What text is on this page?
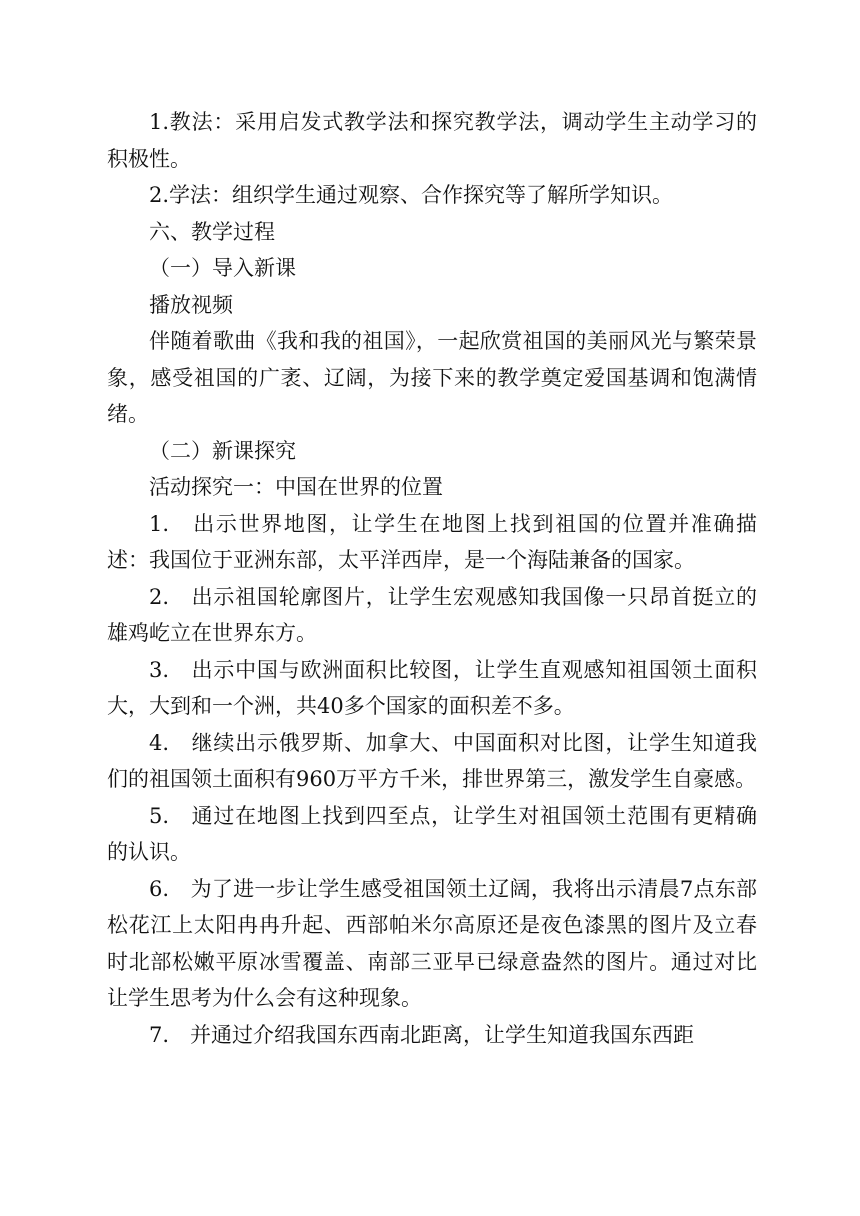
1.教法：采用启发式教学法和探究教学法，调动学生主动学习的积极性。

2.学法：组织学生通过观察、合作探究等了解所学知识。

六、教学过程

（一）导入新课

播放视频

伴随着歌曲《我和我的祖国》，一起欣赏祖国的美丽风光与繁荣景象，感受祖国的广袤、辽阔，为接下来的教学奠定爱国基调和饱满情绪。

（二）新课探究

活动探究一：中国在世界的位置

1.　出示世界地图，让学生在地图上找到祖国的位置并准确描述：我国位于亚洲东部，太平洋西岸，是一个海陆兼备的国家。

2.　出示祖国轮廓图片，让学生宏观感知我国像一只昂首挺立的雄鸡屹立在世界东方。

3.　出示中国与欧洲面积比较图，让学生直观感知祖国领土面积大，大到和一个洲，共40多个国家的面积差不多。

4.　继续出示俄罗斯、加拿大、中国面积对比图，让学生知道我们的祖国领土面积有960万平方千米，排世界第三，激发学生自豪感。

5.　通过在地图上找到四至点，让学生对祖国领土范围有更精确的认识。

6.　为了进一步让学生感受祖国领土辽阔，我将出示清晨7点东部松花江上太阳冉冉升起、西部帕米尔高原还是夜色漆黑的图片及立春时北部松嫩平原冰雪覆盖、南部三亚早已绿意盎然的图片。通过对比让学生思考为什么会有这种现象。

7.　并通过介绍我国东西南北距离，让学生知道我国东西距
